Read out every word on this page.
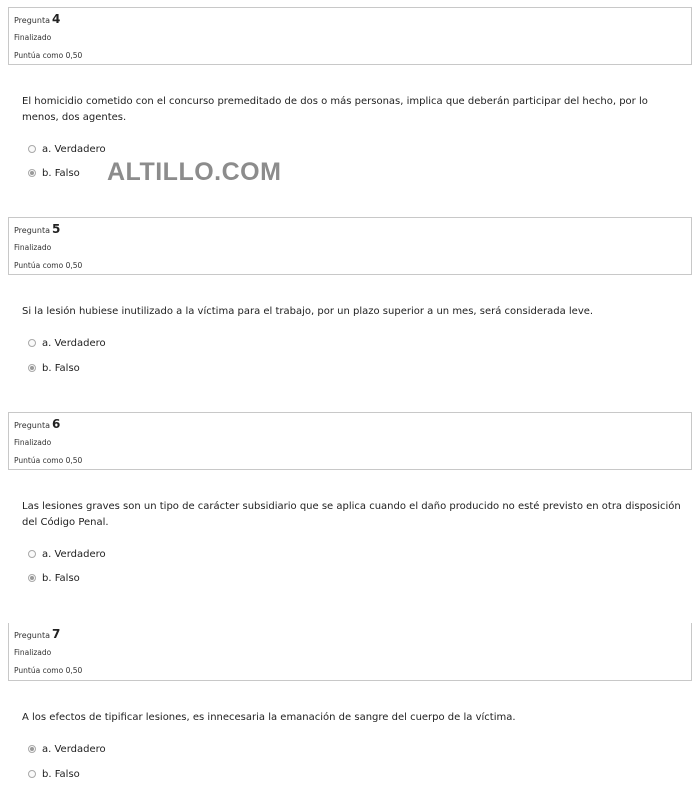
Pregunta 4
Finalizado
Puntúa como 0,50
El homicidio cometido con el concurso premeditado de dos o más personas, implica que deberán participar del hecho, por lo menos, dos agentes.
a. Verdadero
b. Falso ALTILLO.COM
Pregunta 5
Finalizado
Puntúa como 0,50
Si la lesión hubiese inutilizado a la víctima para el trabajo, por un plazo superior a un mes, será considerada leve.
a. Verdadero
b. Falso
Pregunta 6
Finalizado
Puntúa como 0,50
Las lesiones graves son un tipo de carácter subsidiario que se aplica cuando el daño producido no esté previsto en otra disposición del Código Penal.
a. Verdadero
b. Falso
Pregunta 7
Finalizado
Puntúa como 0,50
A los efectos de tipificar lesiones, es innecesaria la emanación de sangre del cuerpo de la víctima.
a. Verdadero
b. Falso
